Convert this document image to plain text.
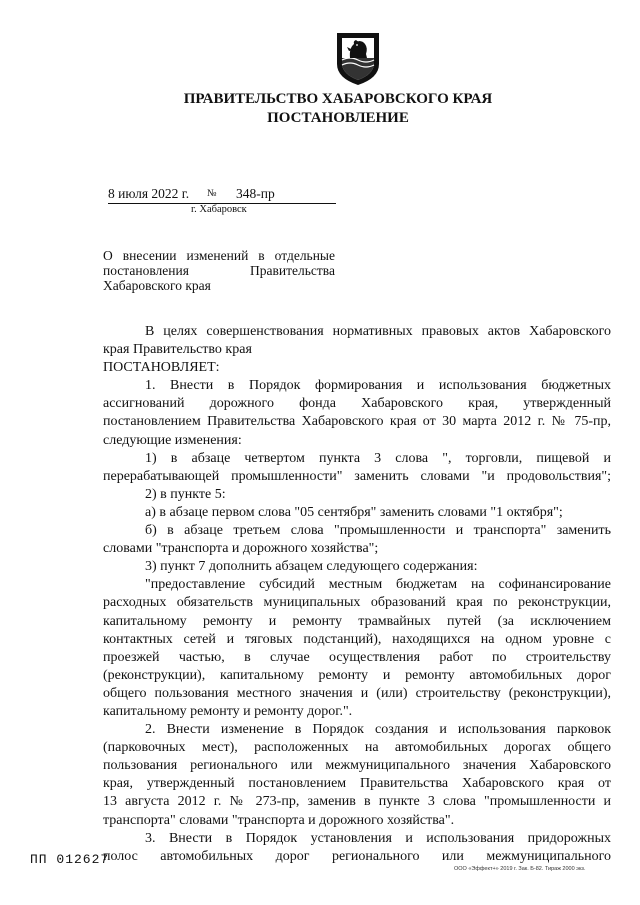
ПРАВИТЕЛЬСТВО ХАБАРОВСКОГО КРАЯ
ПОСТАНОВЛЕНИЕ
8 июля 2022 г. № 348-пр
г. Хабаровск
О внесении изменений в отдельные
постановления Правительства
Хабаровского края
В целях совершенствования нормативных правовых актов Хабаровского
края Правительство края
ПОСТАНОВЛЯЕТ:
1. Внести в Порядок формирования и использования бюджетных
ассигнований дорожного фонда Хабаровского края, утвержденный
постановлением Правительства Хабаровского края от 30 марта 2012 г. № 75-пр,
следующие изменения:
1) в абзаце четвертом пункта 3 слова ", торговли, пищевой и
перерабатывающей промышленности" заменить словами "и продовольствия";
2) в пункте 5:
а) в абзаце первом слова "05 сентября" заменить словами "1 октября";
б) в абзаце третьем слова "промышленности и транспорта" заменить
словами "транспорта и дорожного хозяйства";
3) пункт 7 дополнить абзацем следующего содержания:
"предоставление субсидий местным бюджетам на софинансирование
расходных обязательств муниципальных образований края по реконструкции,
капитальному ремонту и ремонту трамвайных путей (за исключением
контактных сетей и тяговых подстанций), находящихся на одном уровне с
проезжей частью, в случае осуществления работ по строительству
(реконструкции), капитальному ремонту и ремонту автомобильных дорог
общего пользования местного значения и (или) строительству (реконструкции),
капитальному ремонту и ремонту дорог.".
2. Внести изменение в Порядок создания и использования парковок
(парковочных мест), расположенных на автомобильных дорогах общего
пользования регионального или межмуниципального значения Хабаровского
края, утвержденный постановлением Правительства Хабаровского края от
13 августа 2012 г. № 273-пр, заменив в пункте 3 слова "промышленности и
транспорта" словами "транспорта и дорожного хозяйства".
3. Внести в Порядок установления и использования придорожных
полос автомобильных дорог регионального или межмуниципального
ПП 012627
ООО «Эффект+» 2019 г. Зак. Б-82. Тираж 2000 экз.
